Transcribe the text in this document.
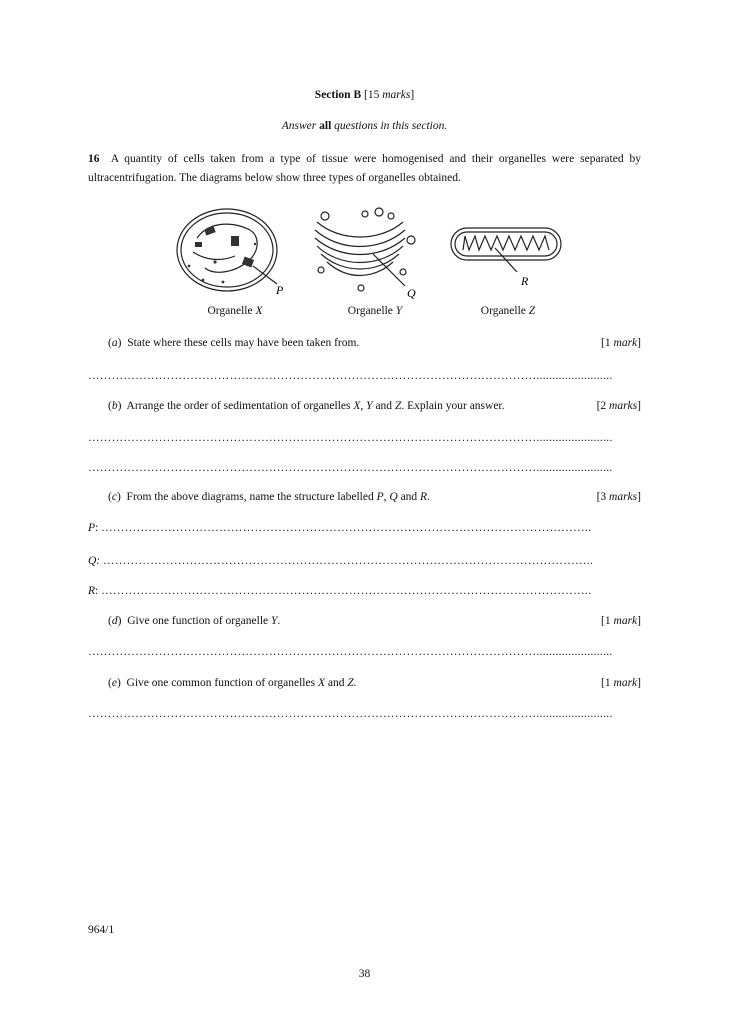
Section B [15 marks]
Answer all questions in this section.
16 A quantity of cells taken from a type of tissue were homogenised and their organelles were separated by ultracentrifugation. The diagrams below show three types of organelles obtained.
P	Q
R
Organelle X	Organelle Y	Organelle Z
(a)  State where these cells may have been taken from.	[1 mark]
……………………………………………………………………………………………………........................
(b)  Arrange the order of sedimentation of organelles X, Y and Z. Explain your answer.	[2 marks]
……………………………………………………………………………………………………........................
……………………………………………………………………………………………………........................
(c)  From the above diagrams, name the structure labelled P, Q and R.	[3 marks]
P : ……………………………………………………………………………………………………………..
Q:
……………………………………………………………………………………………………………..
R : ……………………………………………………………………………………………………………..
(d)  Give one function of organelle Y.	[1 mark]
……………………………………………………………………………………………………........................
(e)  Give one common function of organelles X and Z.	[1 mark]
……………………………………………………………………………………………………........................
964/1
38
